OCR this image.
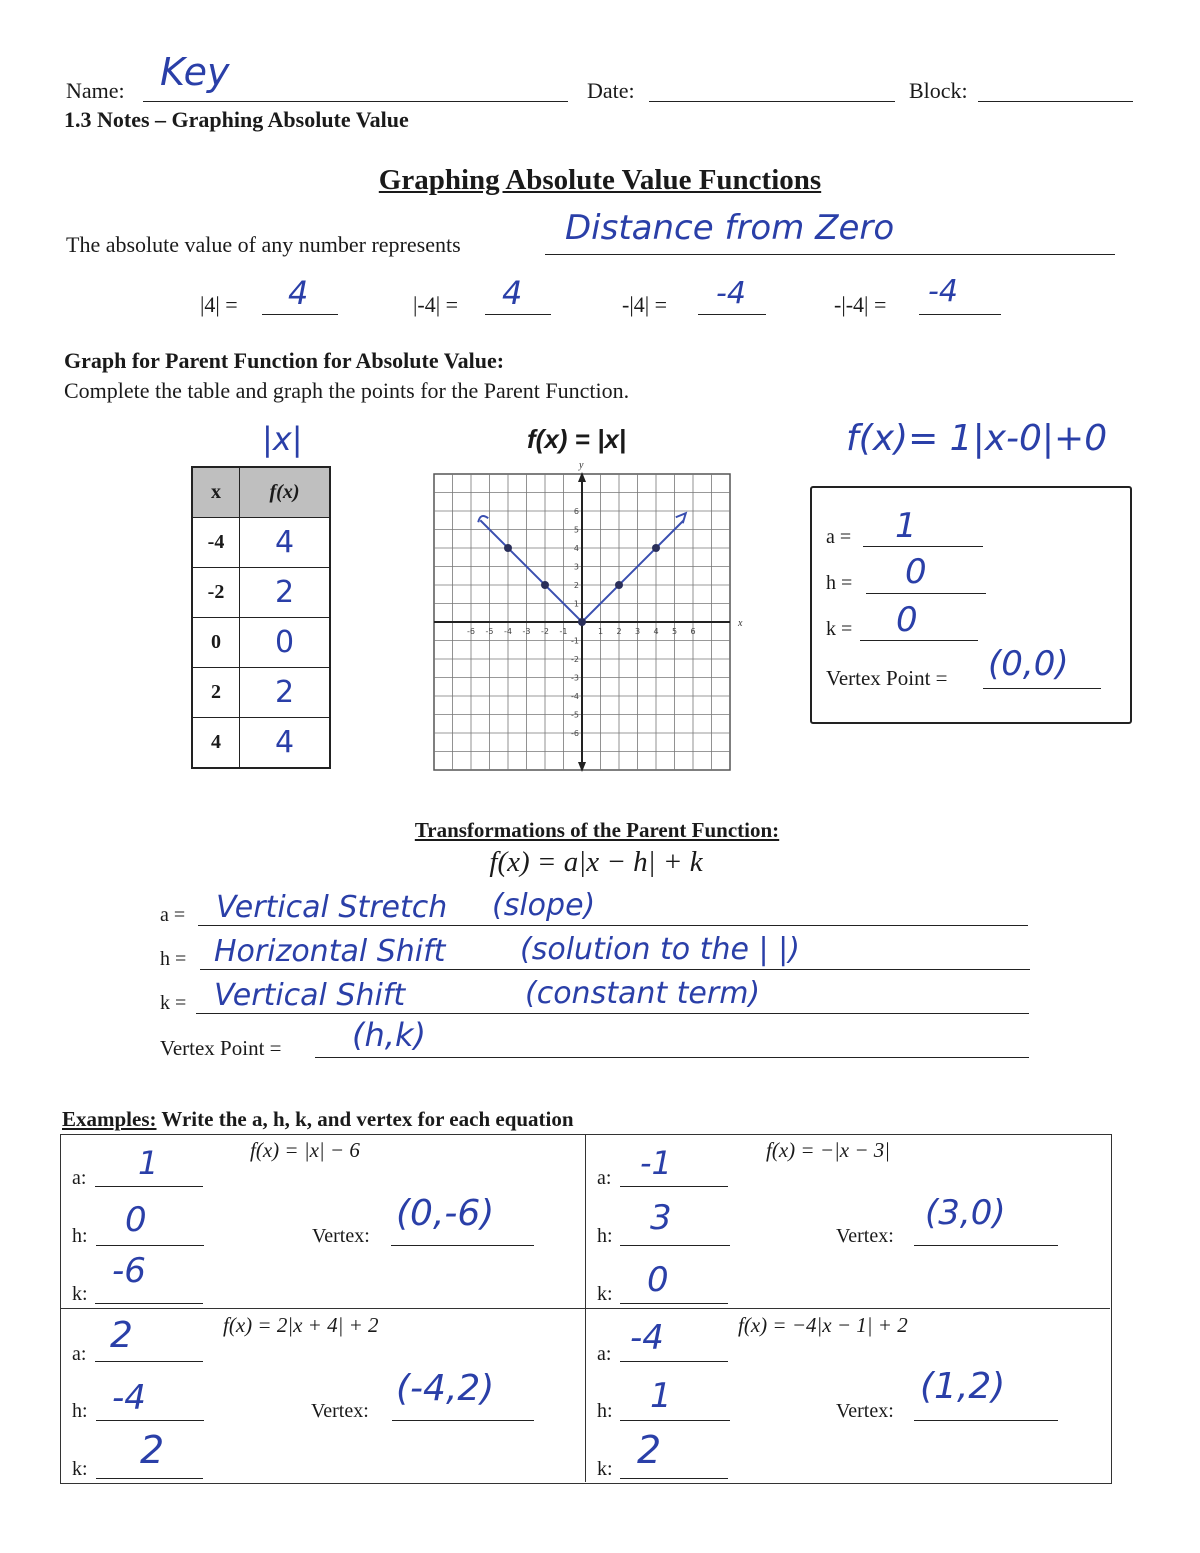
Name: Key	Date:	Block:
1.3 Notes – Graphing Absolute Value
Graphing Absolute Value Functions
The absolute value of any number represents	Distance from Zero
|4| = 4	|-4| = 4	-|4| = -4	-|-4| = -4
Graph for Parent Function for Absolute Value:
Complete the table and graph the points for the Parent Function.
|x|	f(x) = |x|	f(x)= 1|x-0|+0
x	f(x)
-4	4
-2	2
0	0
2	2
4	4
x
y
-6 -5 -4 -3 -2 -1	1 2 3 4 5 6
6
5
4
3
2
1
-1
-2
-3
-4
-5
-6
a = 1
h = 0
k = 0
Vertex Point = (0,0)
Transformations of the Parent Function:
f(x) = a|x − h| + k
a = Vertical Stretch (slope)
h = Horizontal Shift (solution to the | |)
k = Vertical Shift	(constant term)
Vertex Point = (h,k)
Examples: Write the a, h, k, and vertex for each equation
f(x) = |x| − 6
a: 1
h: 0
k:
-6
Vertex:
(0,-6)
f(x) = −|x − 3|
a: -1
h: 3
k: 0
Vertex:
(3,0)
f(x) = 2|x + 4| + 2
a: 2
h: -4
k: 2
Vertex:
(-4,2)
f(x) = −4|x − 1| + 2
a: -4
h: 1
k: 2
Vertex:
(1,2)
